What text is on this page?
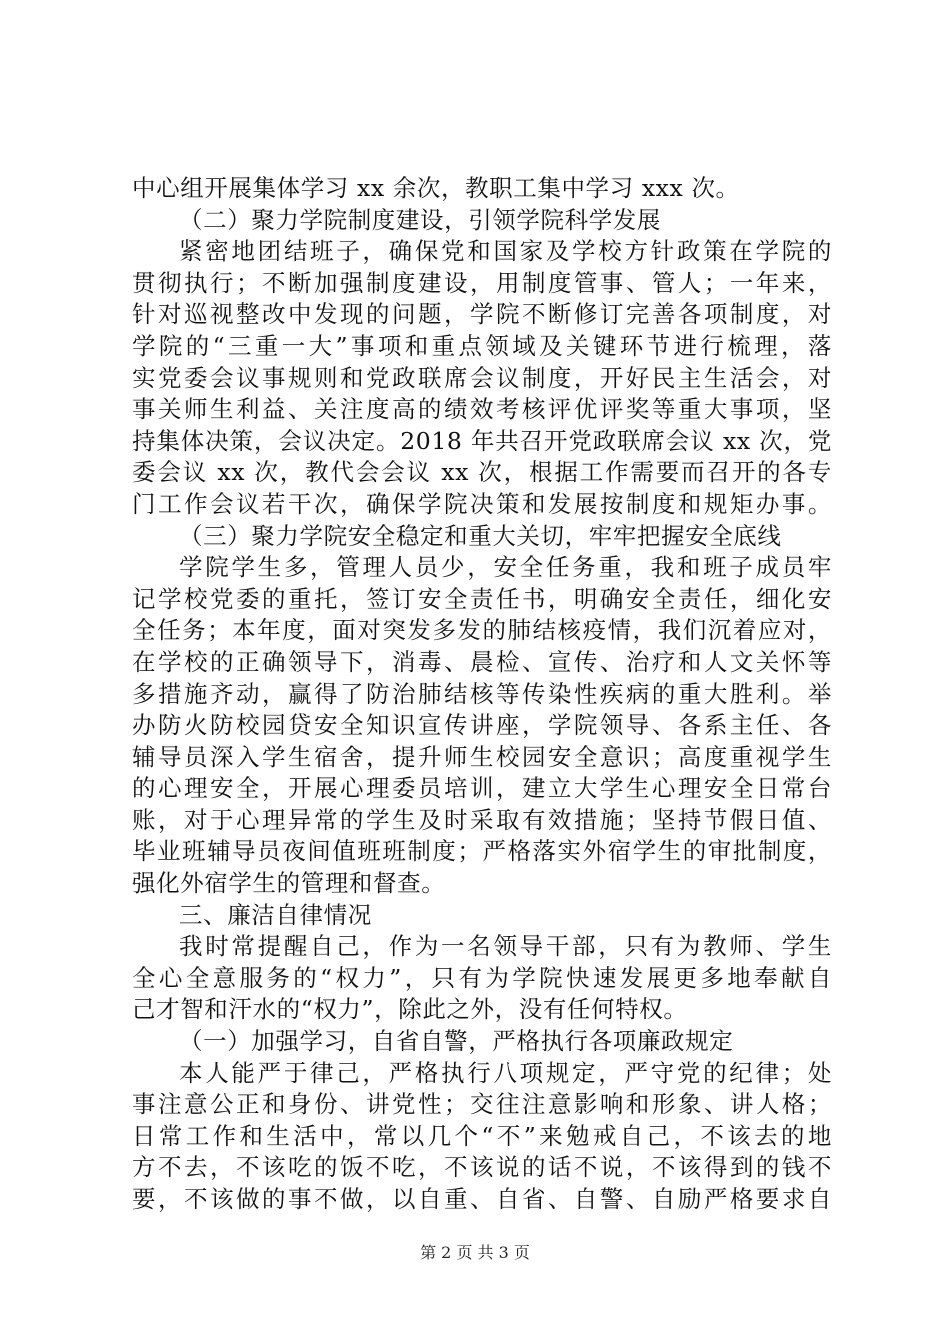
中心组开展集体学习 xx 余次，教职工集中学习 xxx 次。
（二）聚力学院制度建设，引领学院科学发展
紧密地团结班子，确保党和国家及学校方针政策在学院的
贯彻执行；不断加强制度建设，用制度管事、管人；一年来，
针对巡视整改中发现的问题，学院不断修订完善各项制度，对
学院的“三重一大”事项和重点领域及关键环节进行梳理，落
实党委会议事规则和党政联席会议制度，开好民主生活会，对
事关师生利益、关注度高的绩效考核评优评奖等重大事项，坚
持集体决策，会议决定。2018 年共召开党政联席会议 xx 次，党
委会议 xx 次，教代会会议 xx 次，根据工作需要而召开的各专
门工作会议若干次，确保学院决策和发展按制度和规矩办事。
（三）聚力学院安全稳定和重大关切，牢牢把握安全底线
学院学生多，管理人员少，安全任务重，我和班子成员牢
记学校党委的重托，签订安全责任书，明确安全责任，细化安
全任务；本年度，面对突发多发的肺结核疫情，我们沉着应对，
在学校的正确领导下，消毒、晨检、宣传、治疗和人文关怀等
多措施齐动，赢得了防治肺结核等传染性疾病的重大胜利。举
办防火防校园贷安全知识宣传讲座，学院领导、各系主任、各
辅导员深入学生宿舍，提升师生校园安全意识；高度重视学生
的心理安全，开展心理委员培训，建立大学生心理安全日常台
账，对于心理异常的学生及时采取有效措施；坚持节假日值、
毕业班辅导员夜间值班班制度；严格落实外宿学生的审批制度，
强化外宿学生的管理和督查。
三、廉洁自律情况
我时常提醒自己，作为一名领导干部，只有为教师、学生
全心全意服务的“权力”，只有为学院快速发展更多地奉献自
己才智和汗水的“权力”，除此之外，没有任何特权。
（一）加强学习，自省自警，严格执行各项廉政规定
本人能严于律己，严格执行八项规定，严守党的纪律；处
事注意公正和身份、讲党性；交往注意影响和形象、讲人格；
日常工作和生活中，常以几个“不”来勉戒自己，不该去的地
方不去，不该吃的饭不吃，不该说的话不说，不该得到的钱不
要，不该做的事不做，以自重、自省、自警、自励严格要求自
第 2 页 共 3 页
